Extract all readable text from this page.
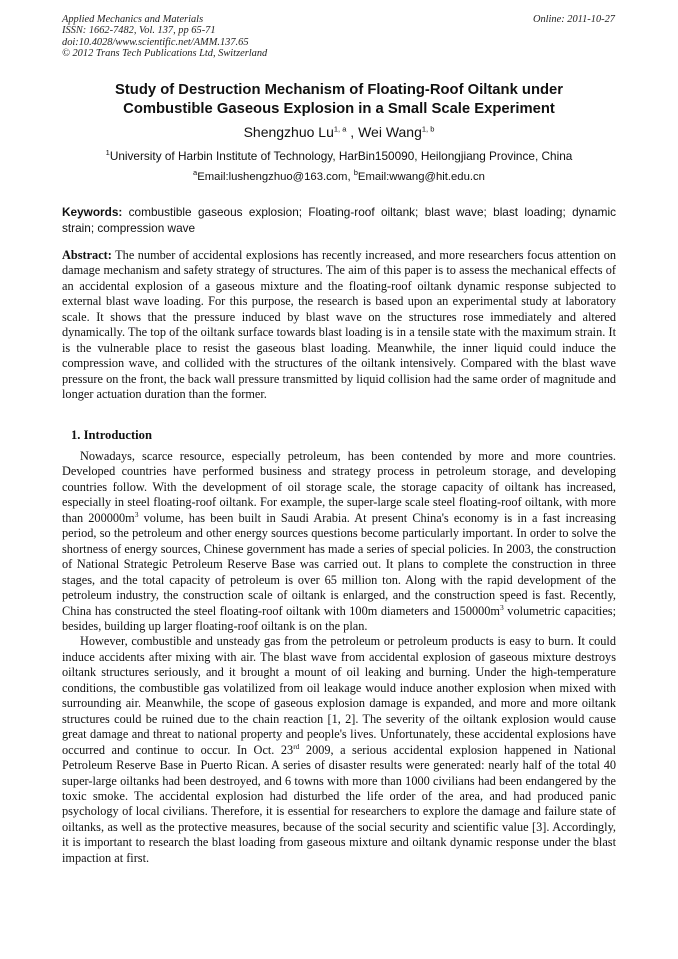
Applied Mechanics and Materials
ISSN: 1662-7482, Vol. 137, pp 65-71
doi:10.4028/www.scientific.net/AMM.137.65
© 2012 Trans Tech Publications Ltd, Switzerland
Online: 2011-10-27
Study of Destruction Mechanism of Floating-Roof Oiltank under
Combustible Gaseous Explosion in a Small Scale Experiment
Shengzhuo Lu$^{1, a}$ , Wei Wang$^{1, b}$
$^1$University of Harbin Institute of Technology, HarBin150090, Heilongjiang Province, China
$^a$Email:lushengzhuo@163.com, $^b$Email:wwang@hit.edu.cn
Keywords: combustible gaseous explosion; Floating-roof oiltank; blast wave; blast loading; dynamic strain; compression wave

Abstract: The number of accidental explosions has recently increased, and more researchers focus attention on damage mechanism and safety strategy of structures. The aim of this paper is to assess the mechanical effects of an accidental explosion of a gaseous mixture and the floating-roof oiltank dynamic response subjected to external blast wave loading. For this purpose, the research is based upon an experimental study at laboratory scale. It shows that the pressure induced by blast wave on the structures rose immediately and altered dynamically. The top of the oiltank surface towards blast loading is in a tensile state with the maximum strain. It is the vulnerable place to resist the gaseous blast loading. Meanwhile, the inner liquid could induce the compression wave, and collided with the structures of the oiltank intensively. Compared with the blast wave pressure on the front, the back wall pressure transmitted by liquid collision had the same order of magnitude and longer actuation duration than the former.

1. Introduction

Nowadays, scarce resource, especially petroleum, has been contended by more and more countries. Developed countries have performed business and strategy process in petroleum storage, and developing countries follow. With the development of oil storage scale, the storage capacity of oiltank has increased, especially in steel floating-roof oiltank. For example, the super-large scale steel floating-roof oiltank, with more than $200000m^3$ volume, has been built in Saudi Arabia. At present China's economy is in a fast increasing period, so the petroleum and other energy sources questions become particularly important. In order to solve the shortness of energy sources, Chinese government has made a series of special policies. In 2003, the construction of National Strategic Petroleum Reserve Base was carried out. It plans to complete the construction in three stages, and the total capacity of petroleum is over 65 million ton. Along with the rapid development of the petroleum industry, the construction scale of oiltank is enlarged, and the construction speed is fast. Recently, China has constructed the steel floating-roof oiltank with 100m diameters and $150000m^3$ volumetric capacities; besides, building up larger floating-roof oiltank is on the plan.

However, combustible and unsteady gas from the petroleum or petroleum products is easy to burn. It could induce accidents after mixing with air. The blast wave from accidental explosion of gaseous mixture destroys oiltank structures seriously, and it brought a mount of oil leaking and burning. Under the high-temperature conditions, the combustible gas volatilized from oil leakage would induce another explosion when mixed with surrounding air. Meanwhile, the scope of gaseous explosion damage is expanded, and more and more oiltank structures could be ruined due to the chain reaction [1, 2]. The severity of the oiltank explosion would cause great damage and threat to national property and people's lives. Unfortunately, these accidental explosions have occurred and continue to occur. In Oct. 23rd 2009, a serious accidental explosion happened in National Petroleum Reserve Base in Puerto Rican. A series of disaster results were generated: nearly half of the total 40 super-large oiltanks had been destroyed, and 6 towns with more than 1000 civilians had been endangered by the toxic smoke. The accidental explosion had disturbed the life order of the area, and had produced panic psychology of local civilians. Therefore, it is essential for researchers to explore the damage and failure state of oiltanks, as well as the protective measures, because of the social security and scientific value [3]. Accordingly, it is important to research the blast loading from gaseous mixture and oiltank dynamic response under the blast impaction at first.
